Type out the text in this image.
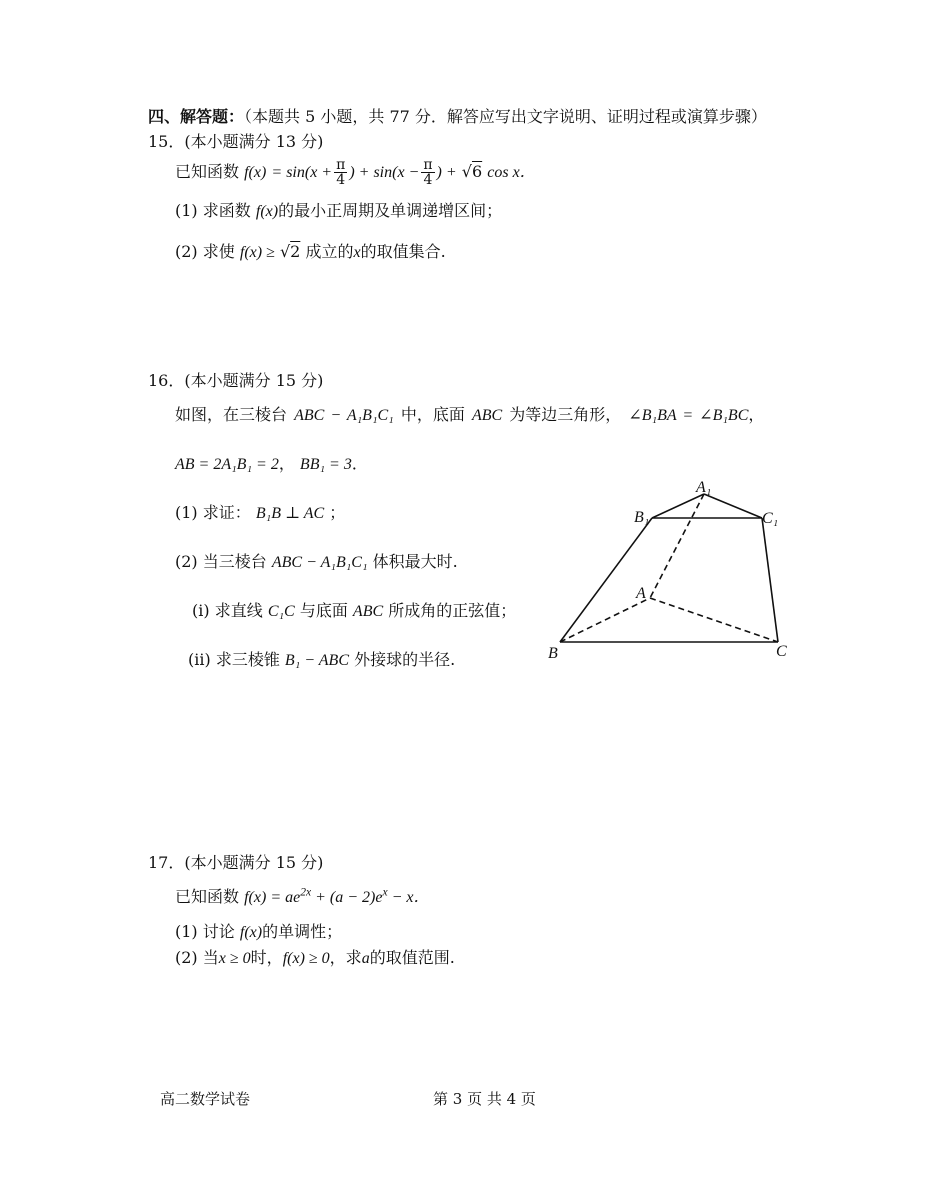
四、解答题：（本题共 5 小题，共 77 分．解答应写出文字说明、证明过程或演算步骤）
15．(本小题满分 13 分)
已知函数 $f(x) = \sin(x + \frac{\pi}{4}$ ) + $\sin(x - \frac{\pi}{4}$ ) + √6 cos x．
(1) 求函数 f(x)的最小正周期及单调递增区间；
(2) 求使 f(x) ≥ √2 成立的x的取值集合.
16．(本小题满分 15 分)
如图，在三棱台 ABC − A₁B₁C₁ 中，底面 ABC 为等边三角形， ∠B₁BA = ∠B₁BC，
AB = 2A₁B₁ = 2， BB₁ = 3．
(1) 求证： B₁B ⊥ AC ；
(2) 当三棱台 ABC − A₁B₁C₁ 体积最大时.
(i) 求直线 C₁C 与底面 ABC 所成角的正弦值；
(ii) 求三棱锥 B₁ − ABC 外接球的半径.
A₁
B₁	C₁
A
B	C
17．(本小题满分 15 分)
已知函数 $f(x) = ae^{2x} + (a - 2)e^x - x$．
(1) 讨论 f(x)的单调性；
(2) 当x ≥ 0时，f(x) ≥ 0，求a的取值范围.
高二数学试卷	第 3 页 共 4 页
